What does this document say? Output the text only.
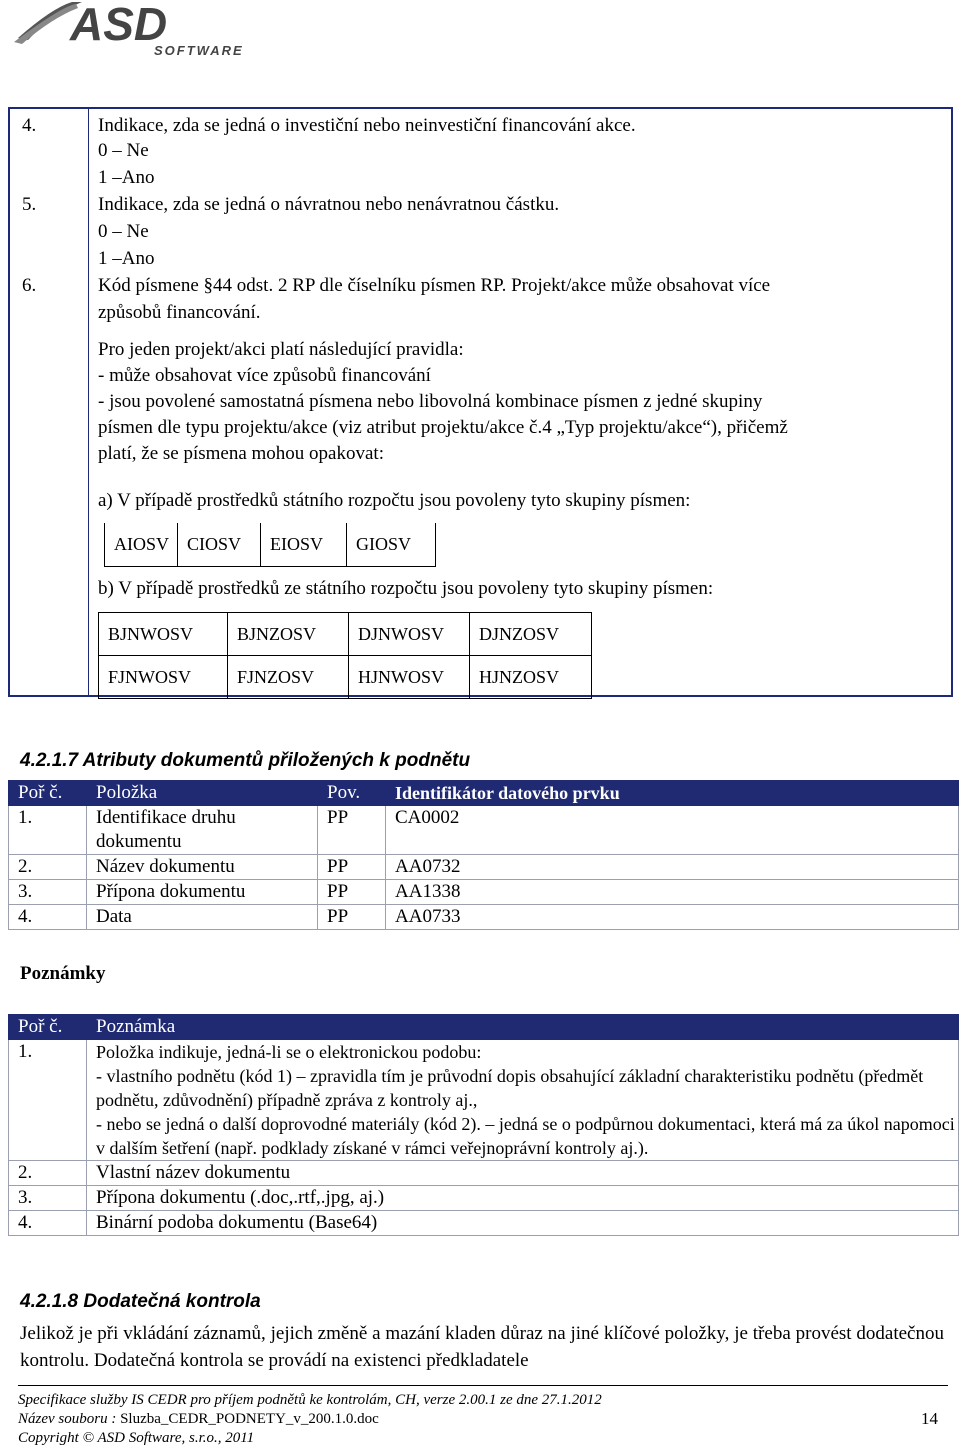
ASD
SOFTWARE
4.	Indikace, zda se jedná o investiční nebo neinvestiční financování akce.
0 – Ne
1 –Ano
5.	Indikace, zda se jedná o návratnou nebo nenávratnou částku.
0 – Ne
1 –Ano
6.	Kód písmene §44 odst. 2 RP dle číselníku písmen RP. Projekt/akce může obsahovat více
způsobů financování.
Pro jeden projekt/akci platí následující pravidla:
- může obsahovat více způsobů financování
- jsou povolené samostatná písmena nebo libovolná kombinace písmen z jedné skupiny
písmen dle typu projektu/akce (viz atribut projektu/akce č.4 „Typ projektu/akce“), přičemž
platí, že se písmena mohou opakovat:
a) V případě prostředků státního rozpočtu jsou povoleny tyto skupiny písmen:
AIOSV CIOSV	EIOSV	GIOSV
b) V případě prostředků ze státního rozpočtu jsou povoleny tyto skupiny písmen:
BJNWOSV	BJNZOSV	DJNWOSV	DJNZOSV
FJNWOSV	FJNZOSV	HJNWOSV	HJNZOSV
4.2.1.7 Atributy dokumentů přiložených k podnětu
Poř č.	Položka	Pov.	Identifikátor datového prvku
1.	Identifikace druhu dokumentu	PP	CA0002
2.	Název dokumentu	PP	AA0732
3.	Přípona dokumentu	PP	AA1338
4.	Data	PP	AA0733
Poznámky
Poř č.	Poznámka
1.	Položka indikuje, jedná-li se o elektronickou podobu:
- vlastního podnětu (kód 1) – zpravidla tím je průvodní dopis obsahující základní charakteristiku podnětu (předmět podnětu, zdůvodnění) případně zpráva z kontroly aj.,
- nebo se jedná o další doprovodné materiály (kód 2). – jedná se o podpůrnou dokumentaci, která má za úkol napomoci v dalším šetření (např. podklady získané v rámci veřejnoprávní kontroly aj.).

2.	Vlastní název dokumentu
3.	Přípona dokumentu (.doc,.rtf,.jpg, aj.)
4.	Binární podoba dokumentu (Base64)
4.2.1.8 Dodatečná kontrola
Jelikož je při vkládání záznamů, jejich změně a mazání kladen důraz na jiné klíčové položky, je třeba provést dodatečnou kontrolu. Dodatečná kontrola se provádí na existenci předkladatele
Specifikace služby IS CEDR pro příjem podnětů ke kontrolám, CH, verze 2.00.1 ze dne 27.1.2012
Název souboru : Sluzba_CEDR_PODNETY_v_200.1.0.doc
Copyright © ASD Software, s.r.o., 2011
14
